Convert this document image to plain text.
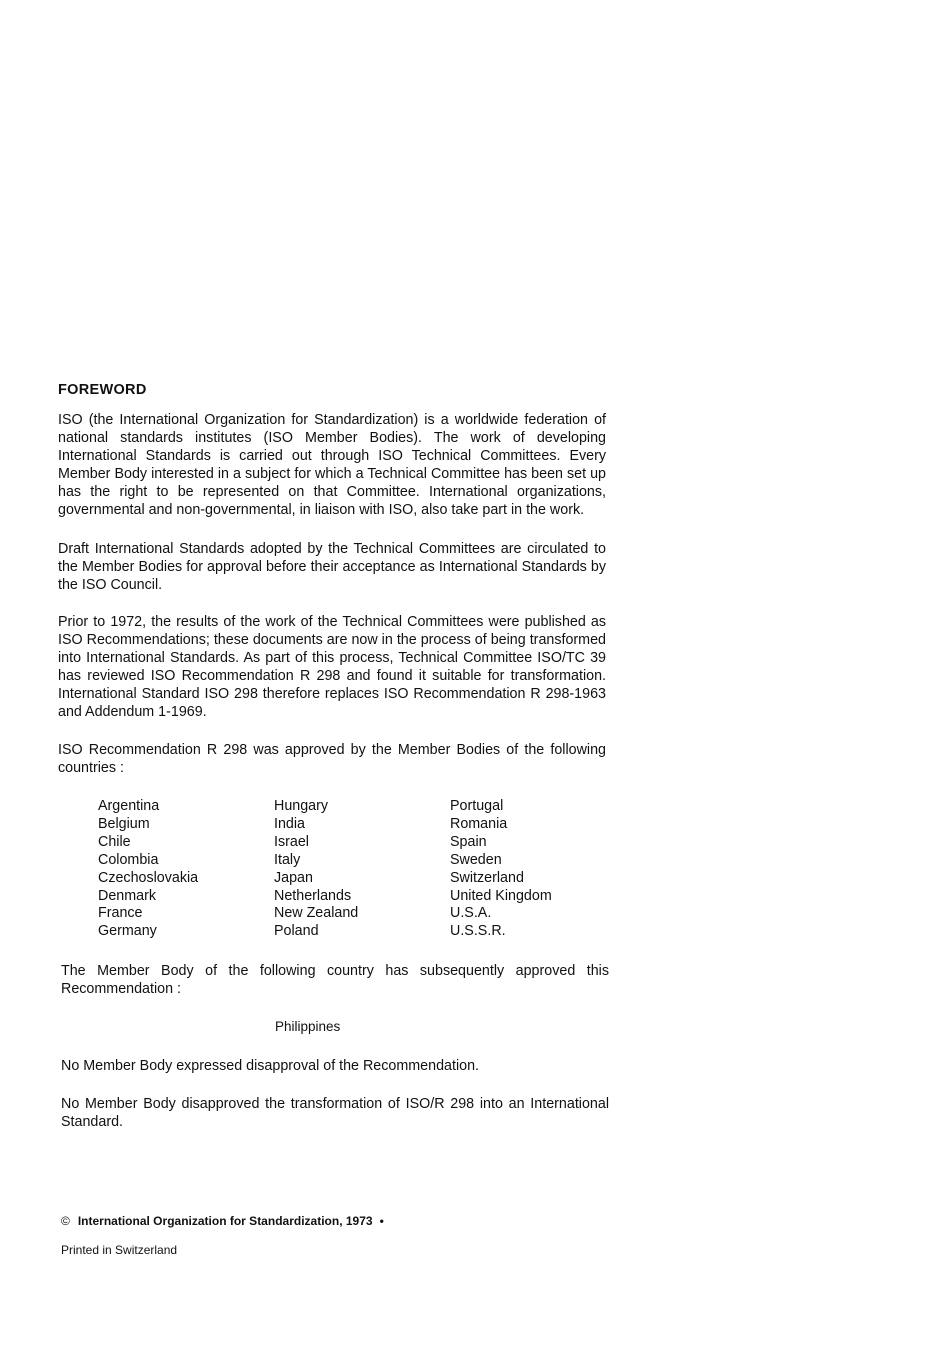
FOREWORD

ISO (the International Organization for Standardization) is a worldwide federation of national standards institutes (ISO Member Bodies). The work of developing International Standards is carried out through ISO Technical Committees. Every Member Body interested in a subject for which a Technical Committee has been set up has the right to be represented on that Committee. International organizations, governmental and non-governmental, in liaison with ISO, also take part in the work.

Draft International Standards adopted by the Technical Committees are circulated to the Member Bodies for approval before their acceptance as International Standards by the ISO Council.

Prior to 1972, the results of the work of the Technical Committees were published as ISO Recommendations; these documents are now in the process of being transformed into International Standards. As part of this process, Technical Committee ISO/TC 39 has reviewed ISO Recommendation R 298 and found it suitable for transformation. International Standard ISO 298 therefore replaces ISO Recommendation R 298-1963 and Addendum 1-1969.

ISO Recommendation R 298 was approved by the Member Bodies of the following countries :

Argentina
Belgium
Chile
Colombia
Czechoslovakia
Denmark
France
Germany
Hungary
India
Israel
Italy
Japan
Netherlands
New Zealand
Poland
Portugal
Romania
Spain
Sweden
Switzerland
United Kingdom
U.S.A.
U.S.S.R.

The Member Body of the following country has subsequently approved this Recommendation :

Philippines

No Member Body expressed disapproval of the Recommendation.

No Member Body disapproved the transformation of ISO/R 298 into an International Standard.

© International Organization for Standardization, 1973 •

Printed in Switzerland
